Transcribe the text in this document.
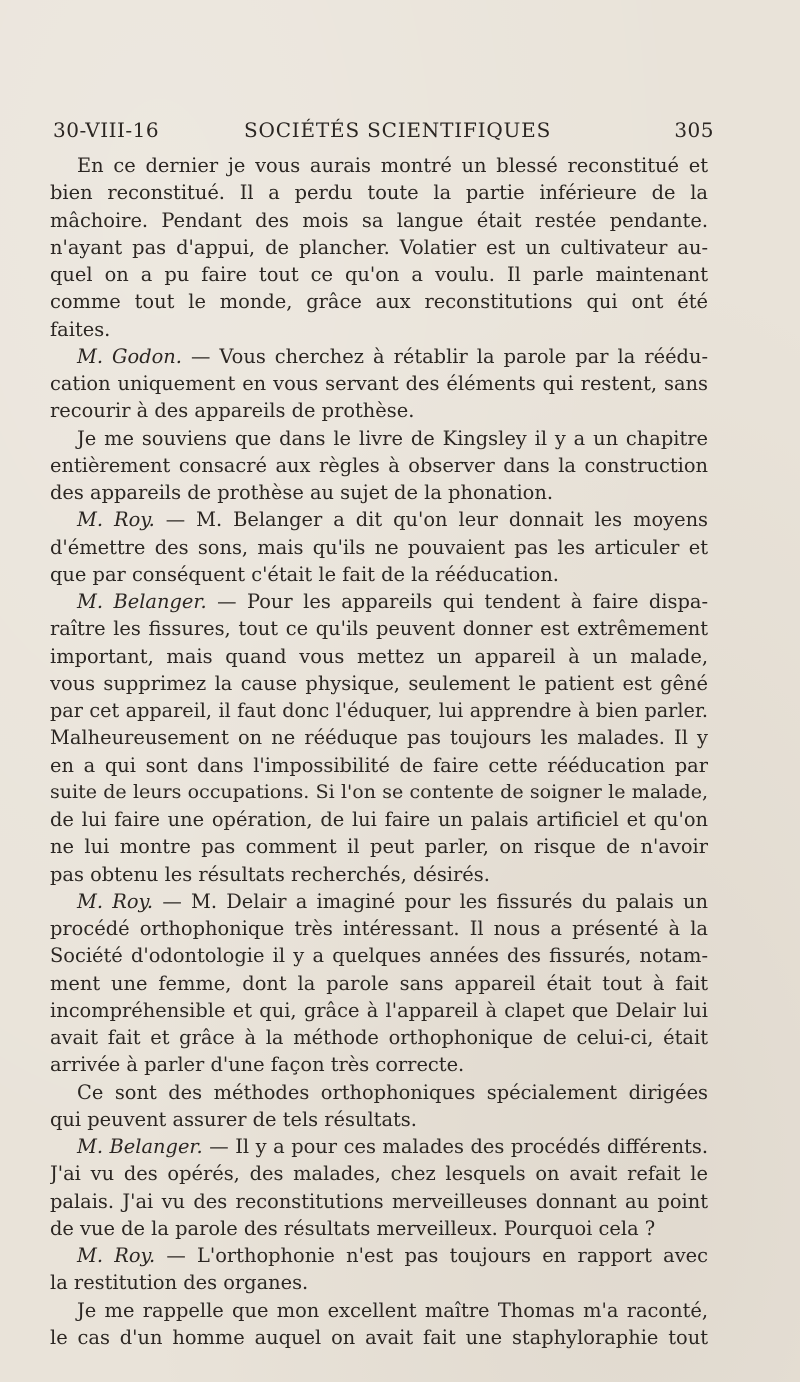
30-VIII-16	SOCIÉTÉS SCIENTIFIQUES	305
En ce dernier je vous aurais montré un blessé reconstitué et
bien reconstitué. Il a perdu toute la partie inférieure de la
mâchoire. Pendant des mois sa langue était restée pendante.
n'ayant pas d'appui, de plancher. Volatier est un cultivateur au-
quel on a pu faire tout ce qu'on a voulu. Il parle maintenant
comme tout le monde, grâce aux reconstitutions qui ont été
faites.
M. Godon. — Vous cherchez à rétablir la parole par la réédu-
cation uniquement en vous servant des éléments qui restent, sans
recourir à des appareils de prothèse.
Je me souviens que dans le livre de Kingsley il y a un chapitre
entièrement consacré aux règles à observer dans la construction
des appareils de prothèse au sujet de la phonation.
M. Roy. — M. Belanger a dit qu'on leur donnait les moyens
d'émettre des sons, mais qu'ils ne pouvaient pas les articuler et
que par conséquent c'était le fait de la rééducation.
M. Belanger. — Pour les appareils qui tendent à faire dispa-
raître les fissures, tout ce qu'ils peuvent donner est extrêmement
important, mais quand vous mettez un appareil à un malade,
vous supprimez la cause physique, seulement le patient est gêné
par cet appareil, il faut donc l'éduquer, lui apprendre à bien parler.
Malheureusement on ne rééduque pas toujours les malades. Il y
en a qui sont dans l'impossibilité de faire cette rééducation par
suite de leurs occupations. Si l'on se contente de soigner le malade,
de lui faire une opération, de lui faire un palais artificiel et qu'on
ne lui montre pas comment il peut parler, on risque de n'avoir
pas obtenu les résultats recherchés, désirés.
M. Roy. — M. Delair a imaginé pour les fissurés du palais un
procédé orthophonique très intéressant. Il nous a présenté à la
Société d'odontologie il y a quelques années des fissurés, notam-
ment une femme, dont la parole sans appareil était tout à fait
incompréhensible et qui, grâce à l'appareil à clapet que Delair lui
avait fait et grâce à la méthode orthophonique de celui-ci, était
arrivée à parler d'une façon très correcte.
Ce sont des méthodes orthophoniques spécialement dirigées
qui peuvent assurer de tels résultats.
M. Belanger. — Il y a pour ces malades des procédés différents.
J'ai vu des opérés, des malades, chez lesquels on avait refait le
palais. J'ai vu des reconstitutions merveilleuses donnant au point
de vue de la parole des résultats merveilleux. Pourquoi cela ?
M. Roy. — L'orthophonie n'est pas toujours en rapport avec
la restitution des organes.
Je me rappelle que mon excellent maître Thomas m'a raconté,
le cas d'un homme auquel on avait fait une staphyloraphie tout
